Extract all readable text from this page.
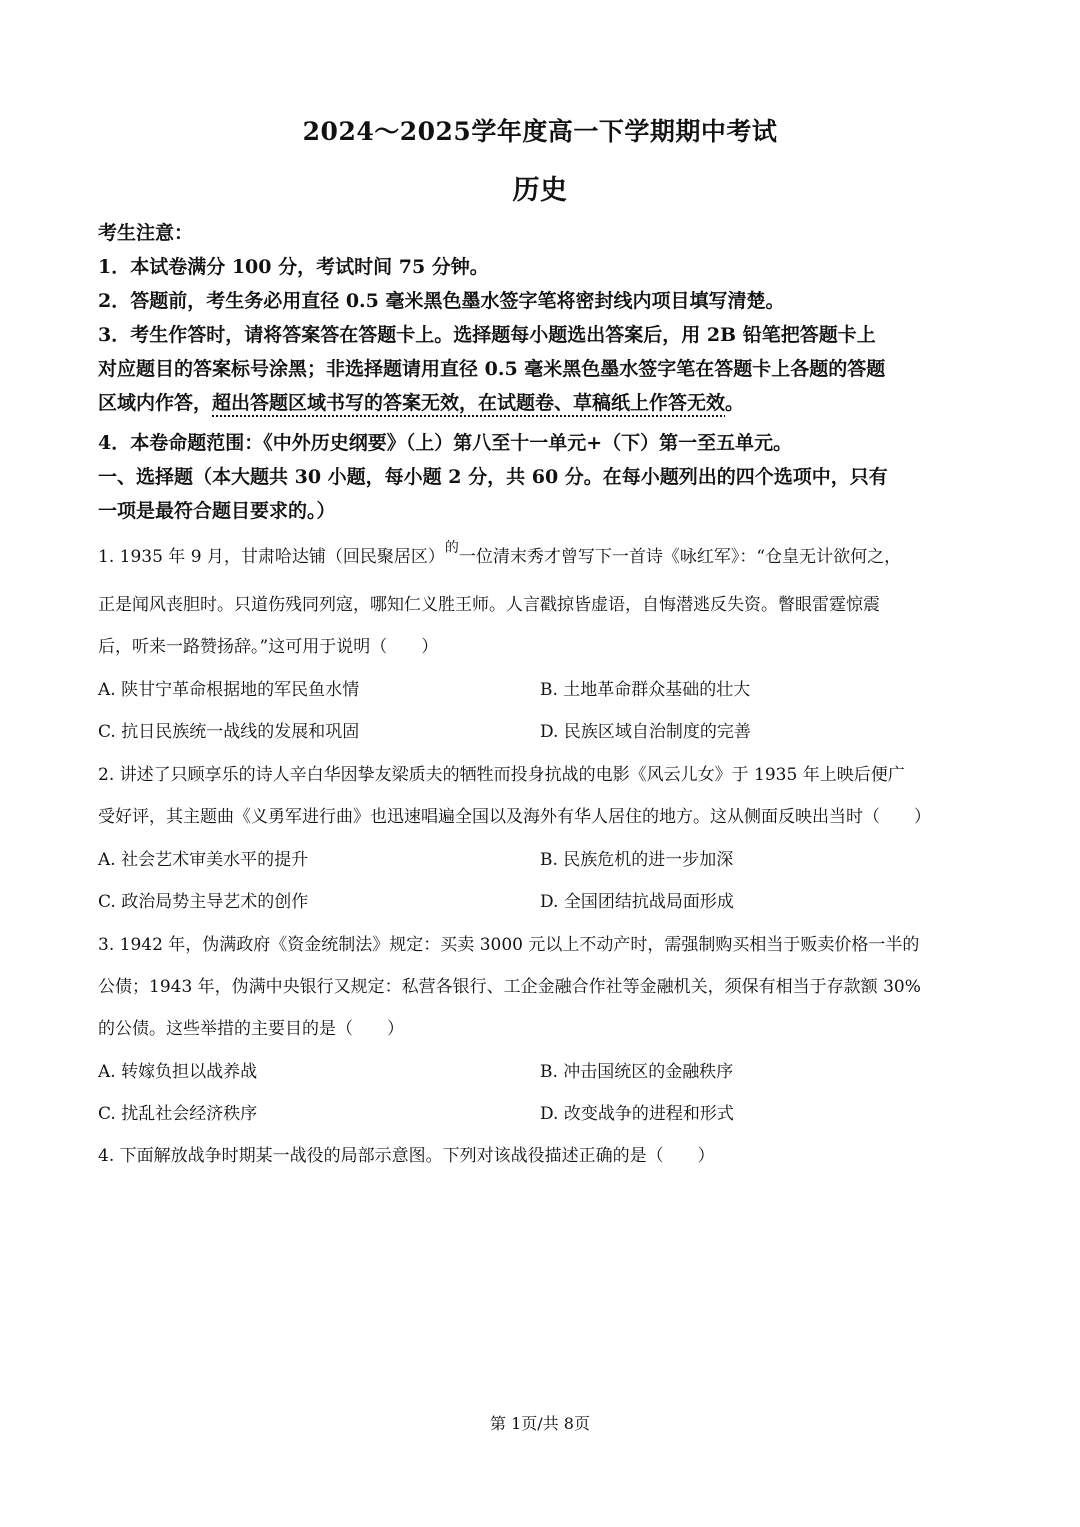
2024～2025学年度高一下学期期中考试
历史
考生注意：
1．本试卷满分 100 分，考试时间 75 分钟。
2．答题前，考生务必用直径 0.5 毫米黑色墨水签字笔将密封线内项目填写清楚。
3．考生作答时，请将答案答在答题卡上。选择题每小题选出答案后，用 2B 铅笔把答题卡上
对应题目的答案标号涂黑；非选择题请用直径 0.5 毫米黑色墨水签字笔在答题卡上各题的答题
区域内作答，超出答题区域书写的答案无效，在试题卷、草稿纸上作答无效。
4．本卷命题范围：《中外历史纲要》（上）第八至十一单元+（下）第一至五单元。
一、选择题（本大题共 30 小题，每小题 2 分，共 60 分。在每小题列出的四个选项中，只有
一项是最符合题目要求的。）
1. 1935 年 9 月，甘肃哈达铺（回民聚居区）$^的$一位清末秀才曾写下一首诗《咏红军》：“仓皇无计欲何之，
正是闻风丧胆时。只道伤残同列寇，哪知仁义胜王师。人言戳掠皆虚语，自悔潜逃反失资。瞥眼雷霆惊震
后，听来一路赞扬辞。”这可用于说明（　　）
A. 陕甘宁革命根据地的军民鱼水情	B. 土地革命群众基础的壮大
C. 抗日民族统一战线的发展和巩固	D. 民族区域自治制度的完善
2. 讲述了只顾享乐的诗人辛白华因挚友梁质夫的牺牲而投身抗战的电影《风云儿女》于 1935 年上映后便广
受好评，其主题曲《义勇军进行曲》也迅速唱遍全国以及海外有华人居住的地方。这从侧面反映出当时（　　）
A. 社会艺术审美水平的提升	B. 民族危机的进一步加深
C. 政治局势主导艺术的创作	D. 全国团结抗战局面形成
3. 1942 年，伪满政府《资金统制法》规定：买卖 3000 元以上不动产时，需强制购买相当于贩卖价格一半的
公债；1943 年，伪满中央银行又规定：私营各银行、工企金融合作社等金融机关，须保有相当于存款额 30%
的公债。这些举措的主要目的是（　　）
A. 转嫁负担以战养战	B. 冲击国统区的金融秩序
C. 扰乱社会经济秩序	D. 改变战争的进程和形式
4. 下面解放战争时期某一战役的局部示意图。下列对该战役描述正确的是（　　）
第 1页/共 8页
